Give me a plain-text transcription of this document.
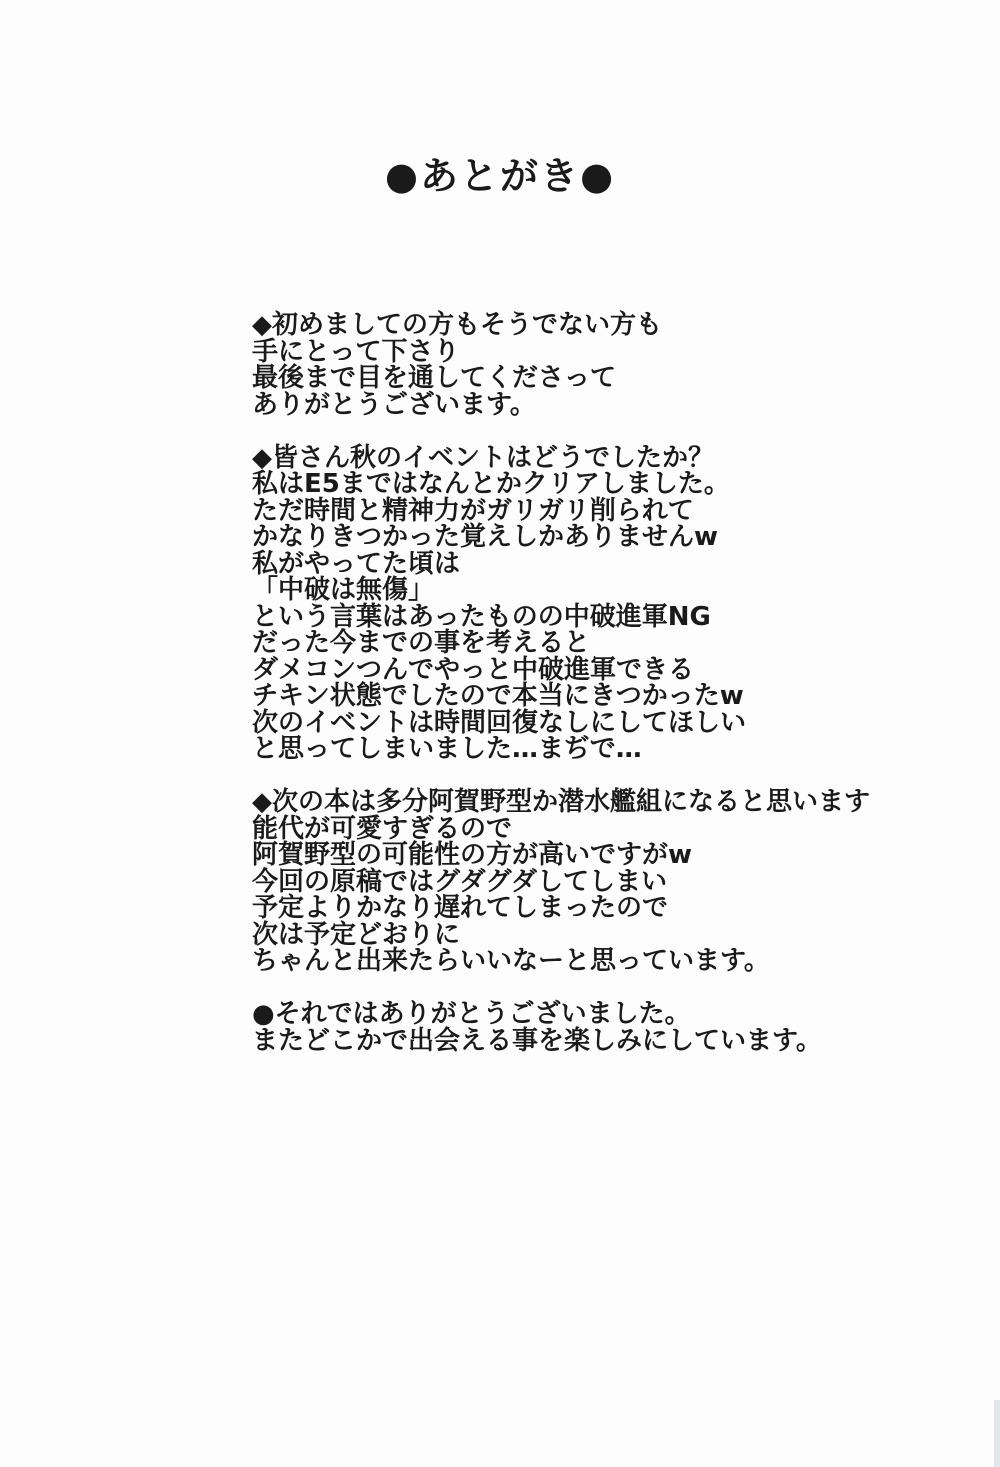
●あとがき●
◆初めましての方もそうでない方も
手にとって下さり
最後まで目を通してくださって
ありがとうございます。
◆皆さん秋のイベントはどうでしたか？
私はE5まではなんとかクリアしました。
ただ時間と精神力がガリガリ削られて
かなりきつかった覚えしかありませんw
私がやってた頃は
「中破は無傷」
という言葉はあったものの中破進軍NG
だった今までの事を考えると
ダメコンつんでやっと中破進軍できる
チキン状態でしたので本当にきつかったw
次のイベントは時間回復なしにしてほしい
と思ってしまいました…まぢで…
◆次の本は多分阿賀野型か潜水艦組になると思います
能代が可愛すぎるので
阿賀野型の可能性の方が高いですがw
今回の原稿ではグダグダしてしまい
予定よりかなり遅れてしまったので
次は予定どおりに
ちゃんと出来たらいいなーと思っています。
●それではありがとうございました。
またどこかで出会える事を楽しみにしています。
